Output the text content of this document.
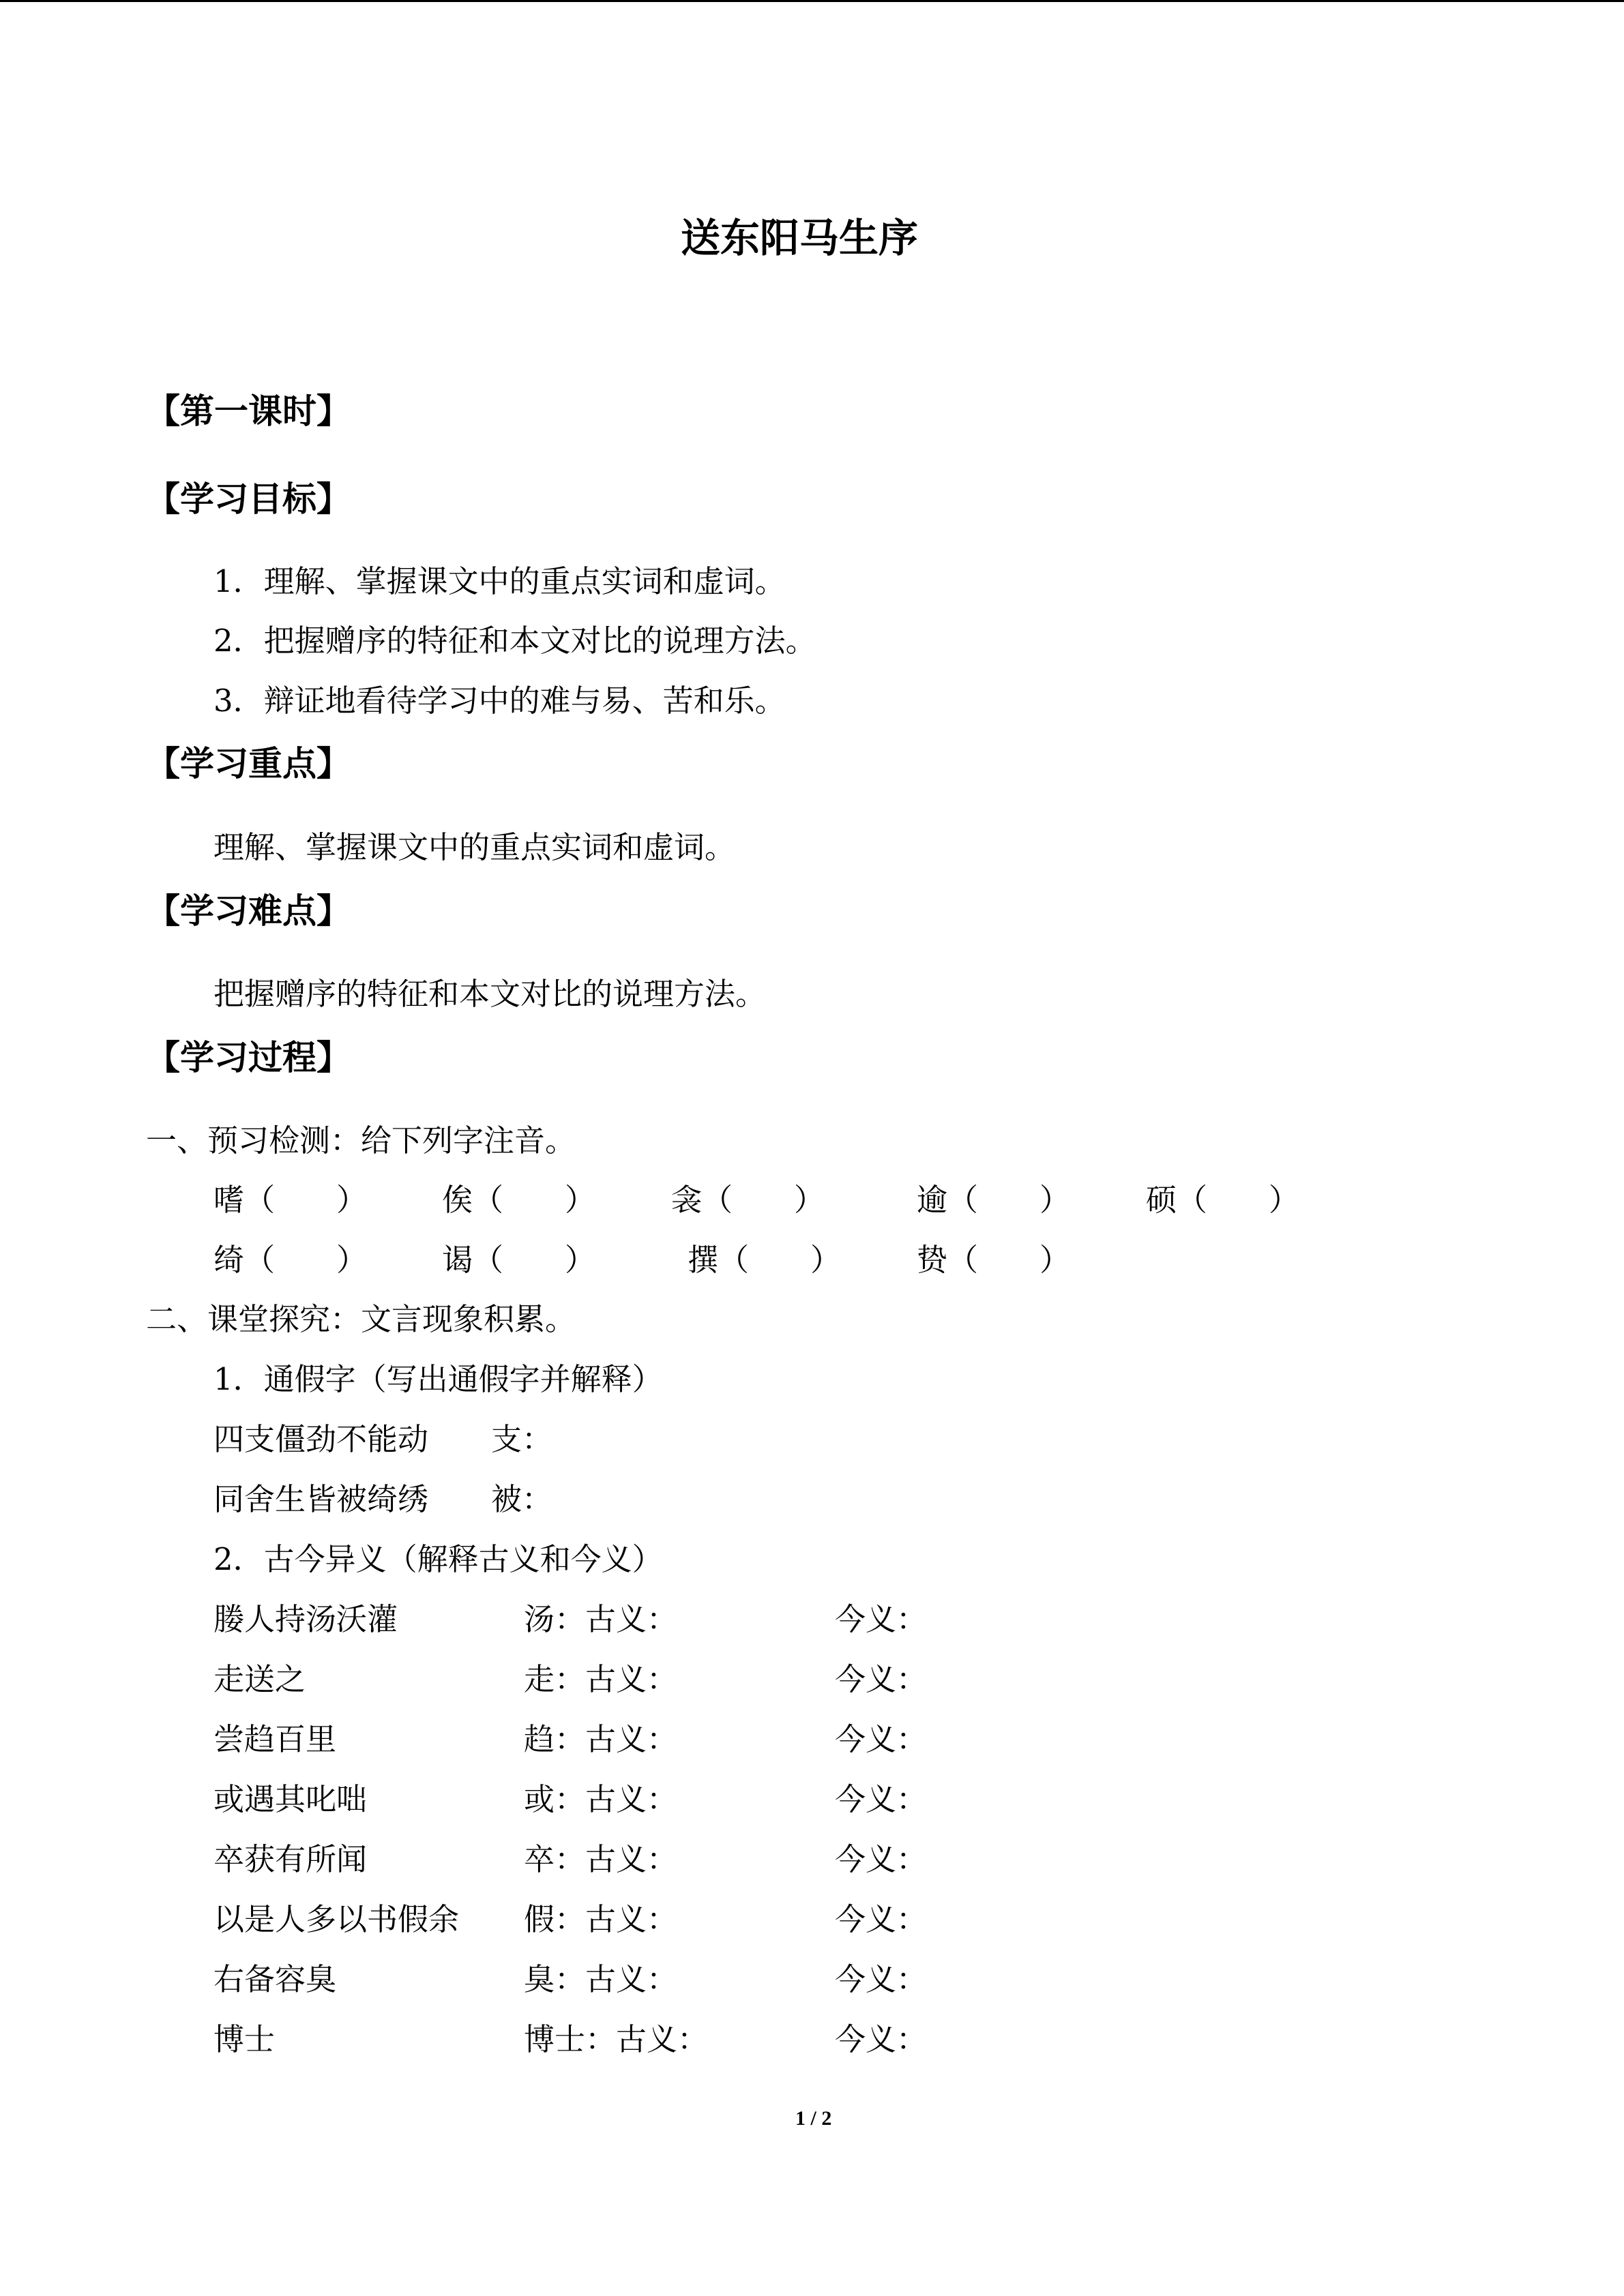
送东阳马生序
【第一课时】
【学习目标】
1．理解、掌握课文中的重点实词和虚词。
2．把握赠序的特征和本文对比的说理方法。
3．辩证地看待学习中的难与易、苦和乐。
【学习重点】
理解、掌握课文中的重点实词和虚词。
【学习难点】
把握赠序的特征和本文对比的说理方法。
【学习过程】
一、预习检测：给下列字注音。
嗜（　　） 俟（　　） 衾（　　）	逾（　　） 硕（　　）
绮（　　） 谒（　　）	撰（　　） 贽（　　）
二、课堂探究：文言现象积累。
1．通假字（写出通假字并解释）
四支僵劲不能动 支：
同舍生皆被绮绣 被：
2．古今异义（解释古义和今义）
媵人持汤沃灌	汤：古义：	今义：
走送之	走：古义：	今义：
尝趋百里	趋：古义：	今义：
或遇其叱咄	或：古义：	今义：
卒获有所闻	卒：古义：	今义：
以是人多以书假余 假：古义：	今义：
右备容臭	臭：古义：	今义：
博士	博士：古义：	今义：
1 / 2
